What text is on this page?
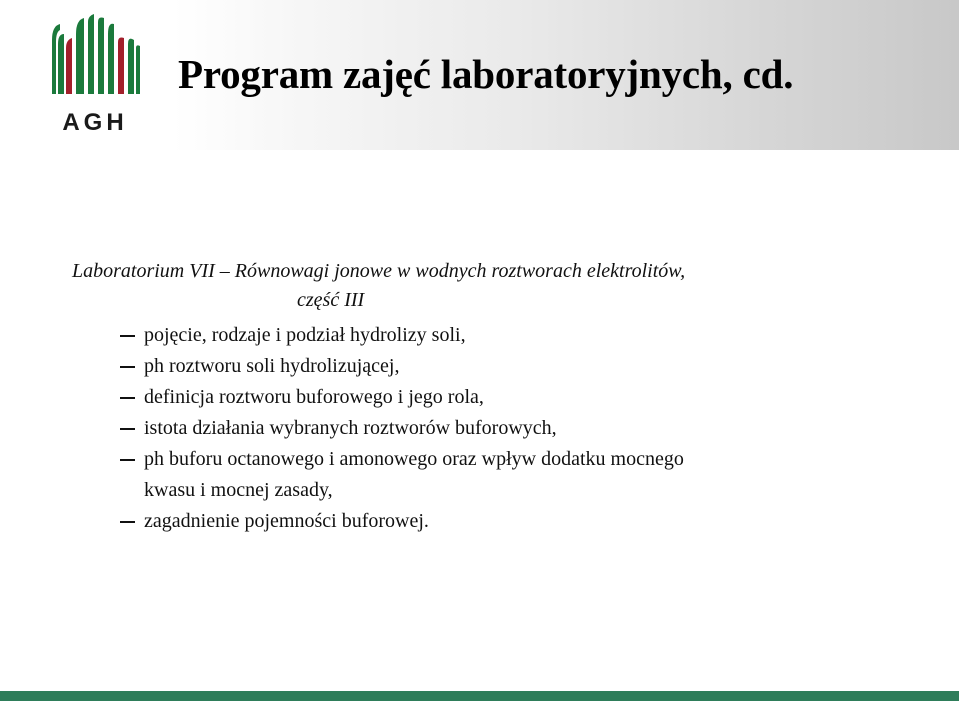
AGH
Program zajęć laboratoryjnych, cd.
Laboratorium VII – Równowagi jonowe w wodnych roztworach elektrolitów,
część III
pojęcie, rodzaje i podział hydrolizy soli,
ph roztworu soli hydrolizującej,
definicja roztworu buforowego i jego rola,
istota działania wybranych roztworów buforowych,
ph buforu octanowego i amonowego oraz wpływ dodatku mocnego
kwasu i mocnej zasady,
zagadnienie pojemności buforowej.
